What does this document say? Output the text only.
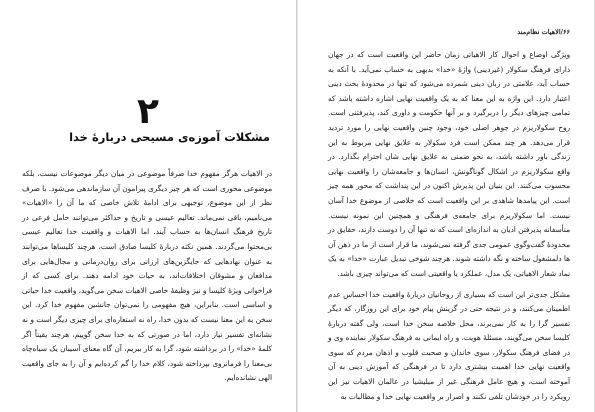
۲
مشکلات آموزه‌ی مسیحی دربارهٔ خدا

در الاهیات هرگز مفهوم خدا صرفاً موضوعی در میان دیگر موضوعات نیست، بلکه موضوعی محوری است که هر چیز دیگری پیرامون آن سازماندهی می‌شود. با صرف نظر از این موضوع، توجیهی برای ادامهٔ تلاش خاصی که ما آن را «الاهیات» می‌نامیم، باقی نمی‌ماند. تعالیم عیسی و تاریخ و حداکثر می‌توانند حامل فرعی در تاریخ فرهنگ انسان‌ها به حساب آیند. اما الاهیات و واقعیت خدا تعالیم عیسی بی‌محتوا می‌گردند. همین نکته دربارهٔ کلیسا صادق است، هرچند کلیساها می‌توانند به عنوان نهادهایی که جایگزین‌های ارزانی برای روان‌درمانی و مجال‌هایی برای مدافعان و مشوقان اختلافات‌اند، به حیات خود ادامه دهند. برای کسی که از فراخوانی ویژهٔ کلیسا و نیز وظیفهٔ خاصی الاهیات سخن می‌گوید، واقعیت خدا حیاتی و اساسی است. بنابراین، هیچ مفهومی را نمی‌توان جانشین مفهوم خدا کرد. این سخن به این معنا نیست که بدون خدا، راه نه استعاره‌ای برای چیزی دیگر است و نه نشانه‌ای تفسیر نیاز دارد، اما در صورتی که به خدا سخن گوییم، هرچند یقیناً اگر کلمهٔ «خدا» را در برداشته شود، گرا به کار ببریم، آن گاه معنای آسیبان یک سیاه‌چاه بی‌معنا را فرمانروی بپرداخته شود، کلام خدا را گم کرده‌ایم و آن را به جای واقعیت الهی نشانده‌ایم.

۶۶/الاهیات نظام‌مند

ویژگی اوضاع و احوال کار الاهیاتی زمان حاضر این واقعیت است که در جهان دارای فرهنگ سکولار (غیردینی) واژهٔ «خدا» بدیهی به حساب نمی‌آید. با آنکه به حساب آید، علامتی در زبان دینی شمرده می‌شود که تنها در محدودهٔ بحث دینی اعتبار دارد. این واژه به این معنا که به یک واقعیت نهایی اشاره داشته باشد که تمامی چیزهای دیگر را دربرگیرد و بر آنها حکومت و داوری کند، پذیرفتنی است. روح سکولاریزم در جوهر اصلی خود، وجود چنین واقعیت نهایی را مورد تردید قرار می‌دهد. هر چند ممکن است فرد سکولار به علایق نهایی مربوط به این زندگی باور داشته باشد، به نحو ضمنی به علایق نهایی شان احترام بگذارد. در واقع سکولاریزم در اشکال گوناگونش، انسان‌ها و جامعه‌شان را واقعیت نهایی محسوب می‌کنند. این بنیان این پذیرش اکنون در این پنداشت که محور همه چیز است. این پیامدها شاهدی بر این واقعیت است که خلاصی از موضوع خدا آسان نیست. اما سکولاریزم برای جامعه‌ی فرهنگی و همچنین این نمونه نیست. متأسفانه پذیرفتن ادیان به اندازه‌ای است که نه تنها آن را دوست دارند، حقایق در محدودهٔ گفت‌وگوی عمومی جدی گرفته نمی‌شوند، ما قرار است از ما در ذهن آن ها دلمشغول ساخته و نگه داشته شوند. هرچند شوخی تبدیل عبارت «خدا» به یک نماد شعار الاهیاتی، یک مدل، عملکرد یا واقعیتی است که می‌تواند چیزی باشد.

مشکل جدی‌تر این است که بسیاری از روحانیان دربارهٔ واقعیت خدا احساس عدم اطمینان می‌کنند، و در نتیجه حتی در گزینش پیام خود برای این روزگار، که دیگر تفسیر گرا را به کار نمی‌برند، محل خلاصه سخن خدا است، ولی گفته دربارهٔ کلیسا سخن می‌گویند، مسئلهٔ هویت، و راه ایمانی به فرهنگ سکولار نماینده وی و در فضای فرهنگ سکولار، سوی خاندان و صحبت قلوب و اذهان مردم که سوی واقعیت نهایی خدا اهمیت بیشتری دارد تا در فرهنگی که آموزش دینی به آن آموخته است، و هیچ عامل فرهنگی غیر از میلیشیا در عالمان الاهیات نیز این رویکرد را در خودشان تلقی نکنند و اصرار بر واقعیت نهایی خدا و مطالبات به
